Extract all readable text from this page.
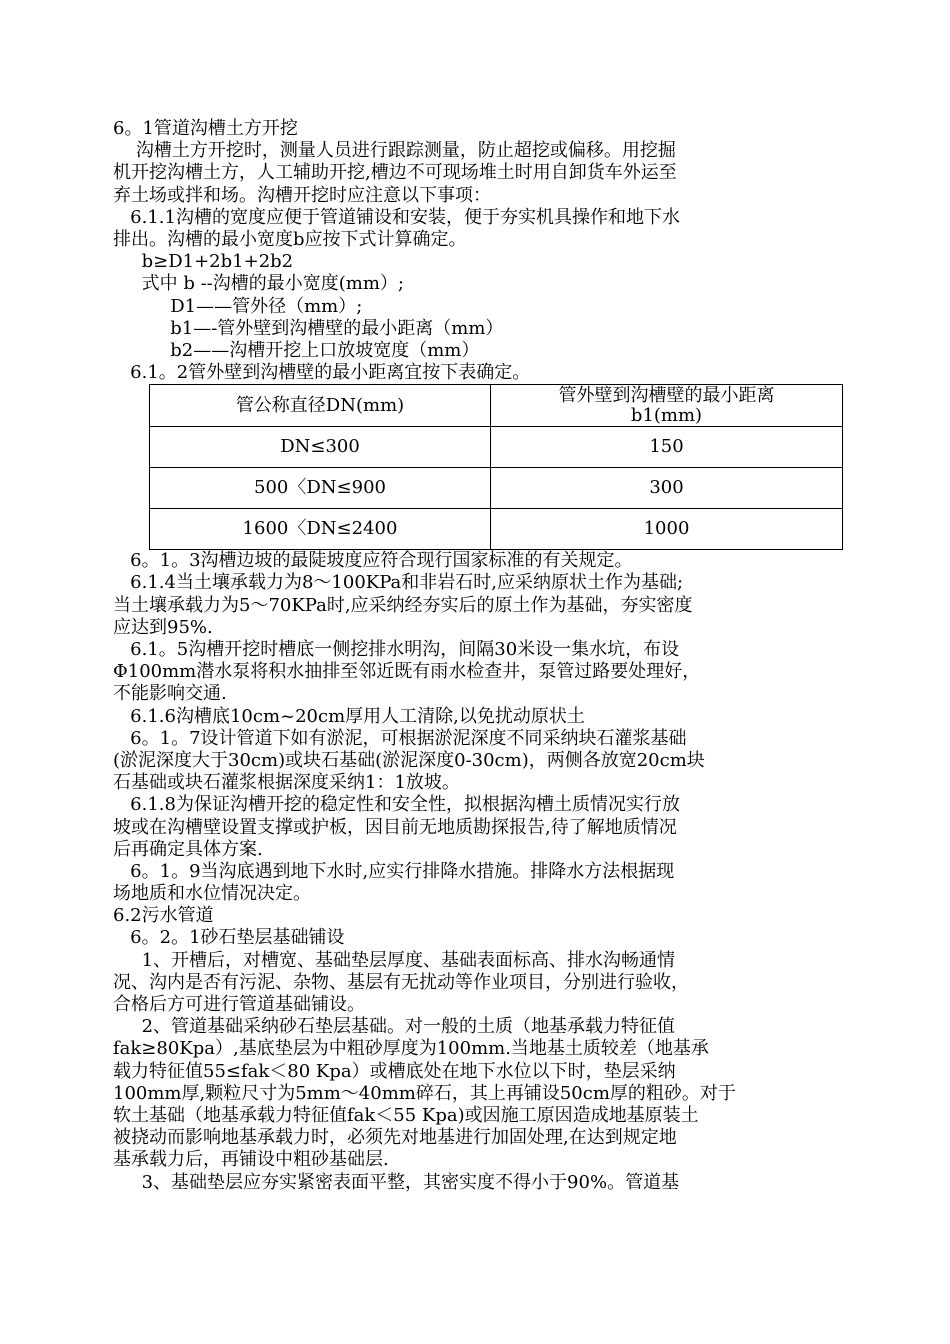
6。1管道沟槽土方开挖
沟槽土方开挖时，测量人员进行跟踪测量，防止超挖或偏移。用挖掘
机开挖沟槽土方，人工辅助开挖,槽边不可现场堆土时用自卸货车外运至
弃土场或拌和场。沟槽开挖时应注意以下事项：
6.1.1沟槽的宽度应便于管道铺设和安装，便于夯实机具操作和地下水
排出。沟槽的最小宽度b应按下式计算确定。
b≥D1+2b1+2b2
式中 b --沟槽的最小宽度(mm）;
D1——管外径（mm）;
b1—-管外壁到沟槽壁的最小距离（mm）
b2——沟槽开挖上口放坡宽度（mm）
6.1。2管外壁到沟槽壁的最小距离宜按下表确定。
管公称直径DN(mm)	管外壁到沟槽壁的最小距离
b1(mm)
DN≤300	150
500〈DN≤900	300
1600〈DN≤2400	1000
6。1。3沟槽边坡的最陡坡度应符合现行国家标准的有关规定。
6.1.4当土壤承载力为8～100KPa和非岩石时,应采纳原状土作为基础;
当土壤承载力为5～70KPa时,应采纳经夯实后的原土作为基础，夯实密度
应达到95%.
6.1。5沟槽开挖时槽底一侧挖排水明沟，间隔30米设一集水坑，布设
Φ100mm潜水泵将积水抽排至邻近既有雨水检查井，泵管过路要处理好，
不能影响交通.
6.1.6沟槽底10cm~20cm厚用人工清除,以免扰动原状土
6。1。7设计管道下如有淤泥，可根据淤泥深度不同采纳块石灌浆基础
(淤泥深度大于30cm)或块石基础(淤泥深度0-30cm)，两侧各放宽20cm块
石基础或块石灌浆根据深度采纳1：1放坡。
6.1.8为保证沟槽开挖的稳定性和安全性，拟根据沟槽土质情况实行放
坡或在沟槽壁设置支撑或护板，因目前无地质勘探报告,待了解地质情况
后再确定具体方案.
6。1。9当沟底遇到地下水时,应实行排降水措施。排降水方法根据现
场地质和水位情况决定。
6.2污水管道
6。2。1砂石垫层基础铺设
1、开槽后，对槽宽、基础垫层厚度、基础表面标高、排水沟畅通情
况、沟内是否有污泥、杂物、基层有无扰动等作业项目，分别进行验收，
合格后方可进行管道基础铺设。
2、管道基础采纳砂石垫层基础。对一般的土质（地基承载力特征值
fak≥80Kpa）,基底垫层为中粗砂厚度为100mm.当地基土质较差（地基承
载力特征值55≤fak＜80 Kpa）或槽底处在地下水位以下时，垫层采纳
100mm厚,颗粒尺寸为5mm～40mm碎石，其上再铺设50cm厚的粗砂。对于
软土基础（地基承载力特征值fak＜55 Kpa)或因施工原因造成地基原装土
被挠动而影响地基承载力时，必须先对地基进行加固处理,在达到规定地
基承载力后，再铺设中粗砂基础层.
3、基础垫层应夯实紧密表面平整，其密实度不得小于90%。管道基
